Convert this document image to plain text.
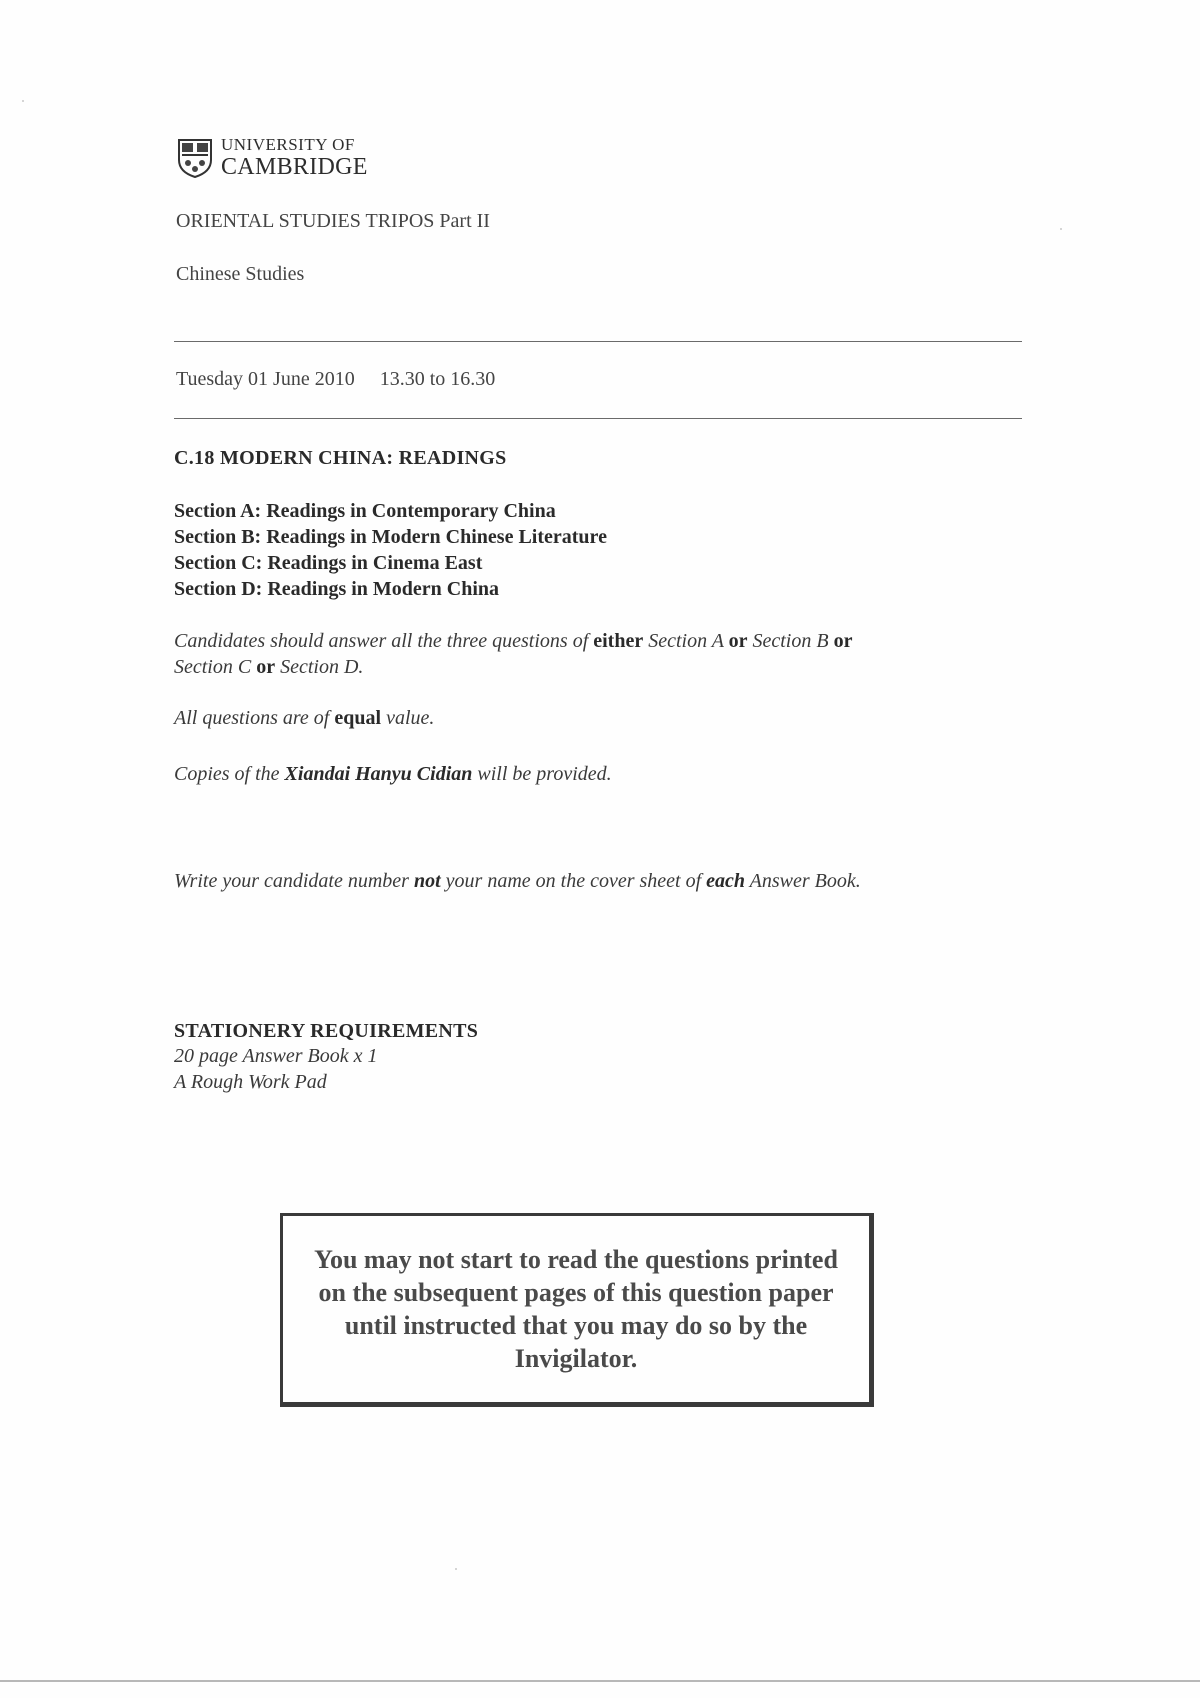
UNIVERSITY OF
CAMBRIDGE
ORIENTAL STUDIES TRIPOS Part II
Chinese Studies
Tuesday 01 June 2010 13.30 to 16.30
C.18 MODERN CHINA: READINGS
Section A: Readings in Contemporary China
Section B: Readings in Modern Chinese Literature
Section C: Readings in Cinema East
Section D: Readings in Modern China
Candidates should answer all the three questions of either Section A or Section B or
Section C or Section D.
All questions are of equal value.
Copies of the Xiandai Hanyu Cidian will be provided.
Write your candidate number not your name on the cover sheet of each Answer Book.
STATIONERY REQUIREMENTS
20 page Answer Book x 1
A Rough Work Pad
You may not start to read the questions printed on the subsequent pages of this question paper until instructed that you may do so by the Invigilator.
